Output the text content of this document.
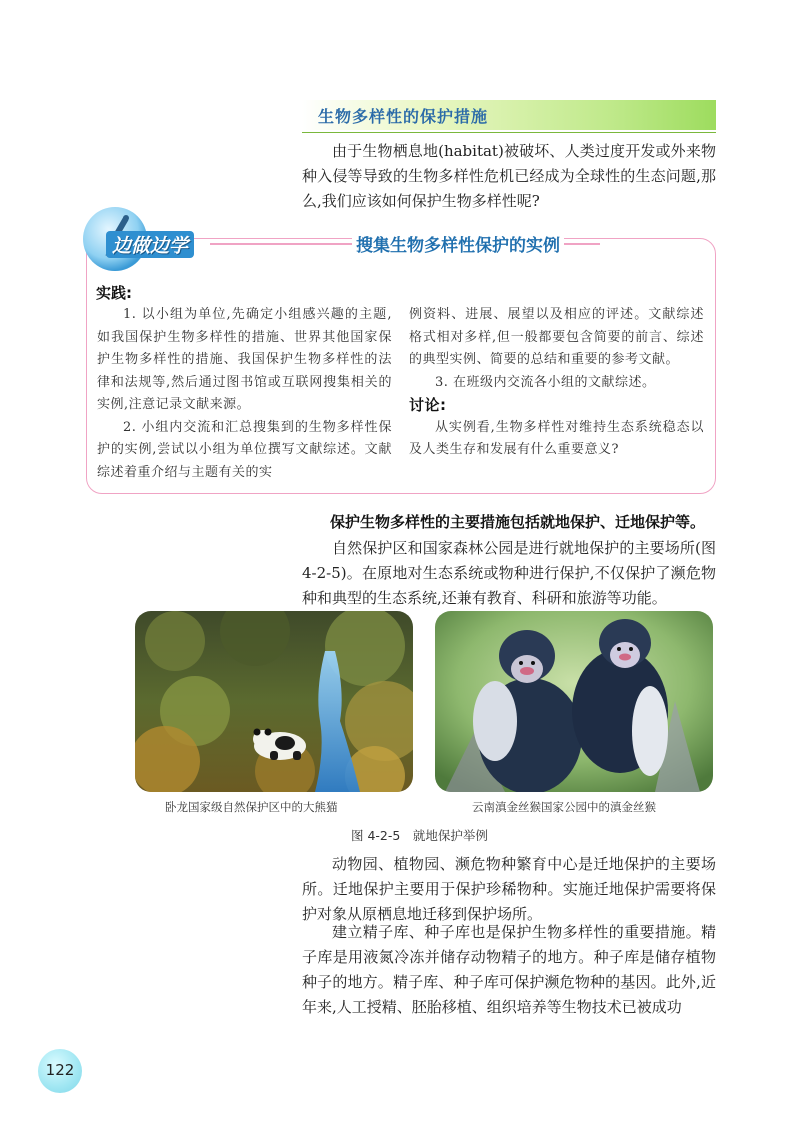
生物多样性的保护措施
由于生物栖息地(habitat)被破坏、人类过度开发或外来物种入侵等导致的生物多样性危机已经成为全球性的生态问题,那么,我们应该如何保护生物多样性呢?
边做边学	搜集生物多样性保护的实例
实践:

1. 以小组为单位,先确定小组感兴趣的主题,如我国保护生物多样性的措施、世界其他国家保护生物多样性的措施、我国保护生物多样性的法律和法规等,然后通过图书馆或互联网搜集相关的实例,注意记录文献来源。

2. 小组内交流和汇总搜集到的生物多样性保护的实例,尝试以小组为单位撰写文献综述。文献综述着重介绍与主题有关的实

例资料、进展、展望以及相应的评述。文献综述格式相对多样,但一般都要包含简要的前言、综述的典型实例、简要的总结和重要的参考文献。

3. 在班级内交流各小组的文献综述。

讨论:

从实例看,生物多样性对维持生态系统稳态以及人类生存和发展有什么重要意义?

保护生物多样性的主要措施包括就地保护、迁地保护等。
自然保护区和国家森林公园是进行就地保护的主要场所(图 4-2-5)。在原地对生态系统或物种进行保护,不仅保护了濒危物种和典型的生态系统,还兼有教育、科研和旅游等功能。
卧龙国家级自然保护区中的大熊猫	云南滇金丝猴国家公园中的滇金丝猴
图 4-2-5　就地保护举例
动物园、植物园、濒危物种繁育中心是迁地保护的主要场所。迁地保护主要用于保护珍稀物种。实施迁地保护需要将保护对象从原栖息地迁移到保护场所。
建立精子库、种子库也是保护生物多样性的重要措施。精子库是用液氮冷冻并储存动物精子的地方。种子库是储存植物种子的地方。精子库、种子库可保护濒危物种的基因。此外,近年来,人工授精、胚胎移植、组织培养等生物技术已被成功
122
